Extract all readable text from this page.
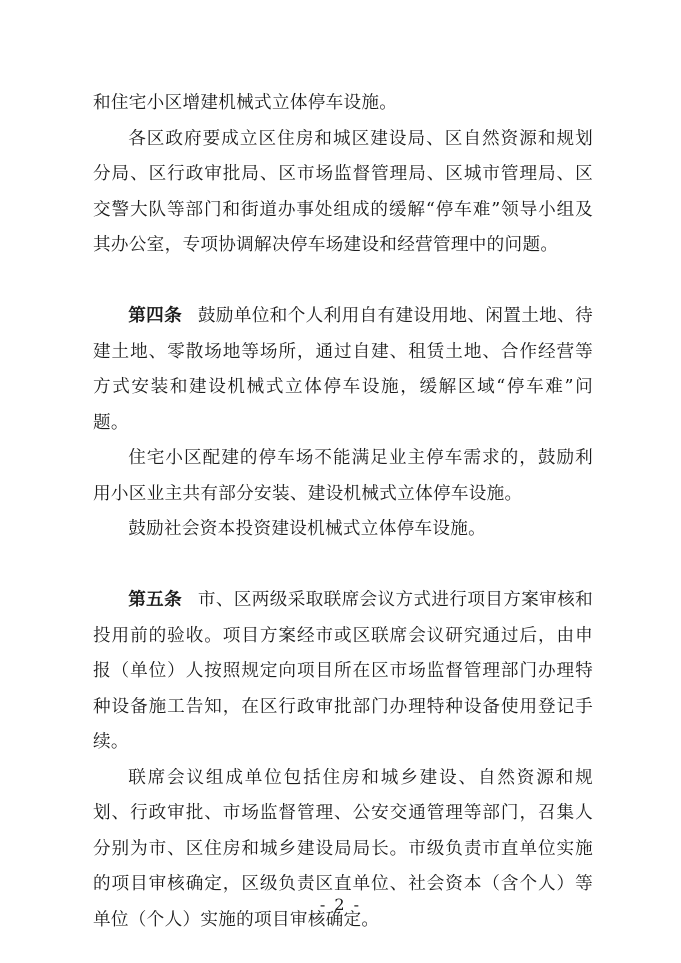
和住宅小区增建机械式立体停车设施。

各区政府要成立区住房和城区建设局、区自然资源和规划分局、区行政审批局、区市场监督管理局、区城市管理局、区交警大队等部门和街道办事处组成的缓解“停车难”领导小组及其办公室，专项协调解决停车场建设和经营管理中的问题。

第四条 鼓励单位和个人利用自有建设用地、闲置土地、待建土地、零散场地等场所，通过自建、租赁土地、合作经营等方式安装和建设机械式立体停车设施，缓解区域“停车难”问题。

住宅小区配建的停车场不能满足业主停车需求的，鼓励利用小区业主共有部分安装、建设机械式立体停车设施。

鼓励社会资本投资建设机械式立体停车设施。

第五条 市、区两级采取联席会议方式进行项目方案审核和投用前的验收。项目方案经市或区联席会议研究通过后，由申报（单位）人按照规定向项目所在区市场监督管理部门办理特种设备施工告知，在区行政审批部门办理特种设备使用登记手续。

联席会议组成单位包括住房和城乡建设、自然资源和规划、行政审批、市场监督管理、公安交通管理等部门，召集人分别为市、区住房和城乡建设局局长。市级负责市直单位实施的项目审核确定，区级负责区直单位、社会资本（含个人）等单位（个人）实施的项目审核确定。

- 2 -
